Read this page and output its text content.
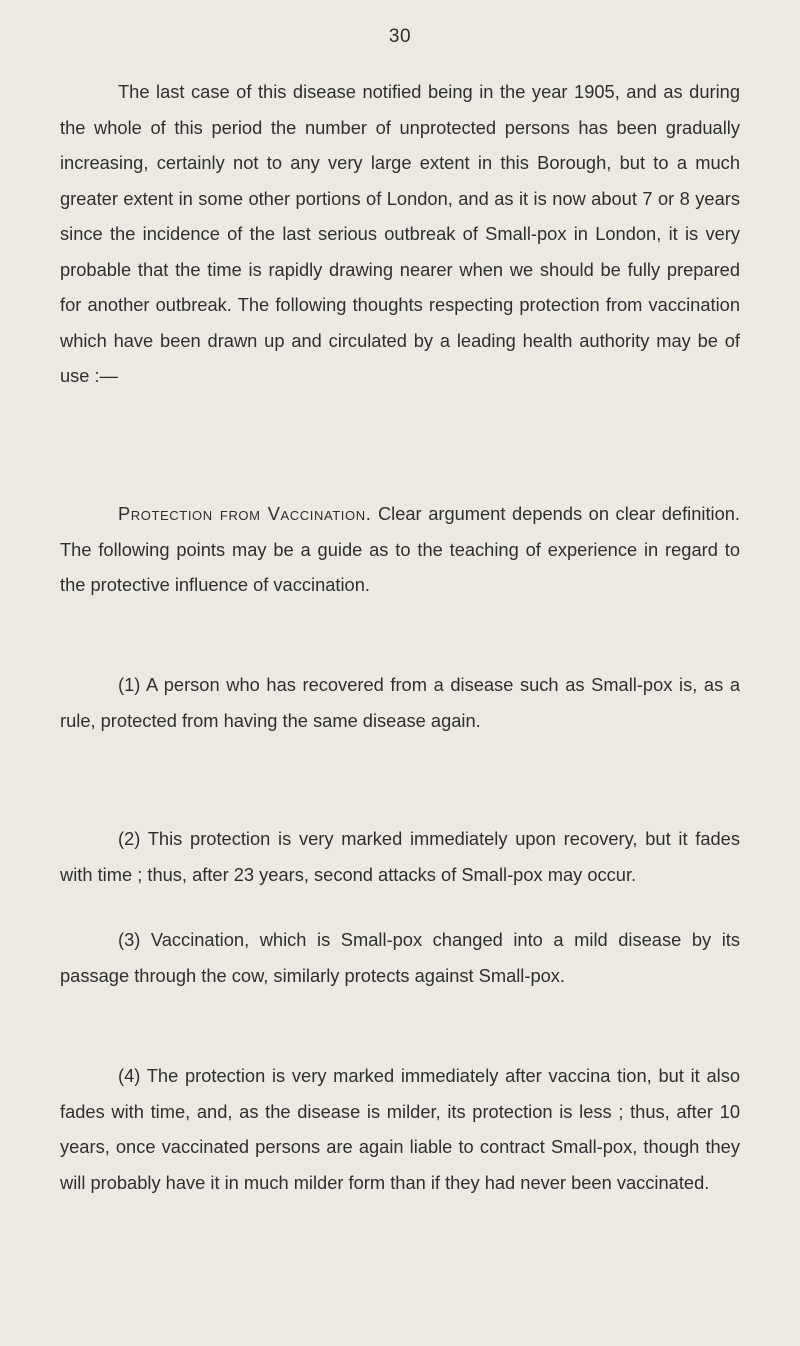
30

The last case of this disease notified being in the year 1905, and as during the whole of this period the number of unprotected persons has been gradually increasing, certainly not to any very large extent in this Borough, but to a much greater extent in some other portions of London, and as it is now about 7 or 8 years since the incidence of the last serious outbreak of Small-pox in London, it is very probable that the time is rapidly drawing nearer when we should be fully prepared for another outbreak. The following thoughts respecting protection from vaccination which have been drawn up and circulated by a leading health authority may be of use :—

Protection from Vaccination. Clear argument depends on clear definition. The following points may be a guide as to the teaching of experience in regard to the protective influence of vaccination.

(1) A person who has recovered from a disease such as Small-pox is, as a rule, protected from having the same disease again.

(2) This protection is very marked immediately upon recovery, but it fades with time ; thus, after 23 years, second attacks of Small-pox may occur.

(3) Vaccination, which is Small-pox changed into a mild disease by its passage through the cow, similarly protects against Small-pox.

(4) The protection is very marked immediately after vaccina tion, but it also fades with time, and, as the disease is milder, its protection is less ; thus, after 10 years, once vaccinated persons are again liable to contract Small-pox, though they will probably have it in much milder form than if they had never been vaccinated.
